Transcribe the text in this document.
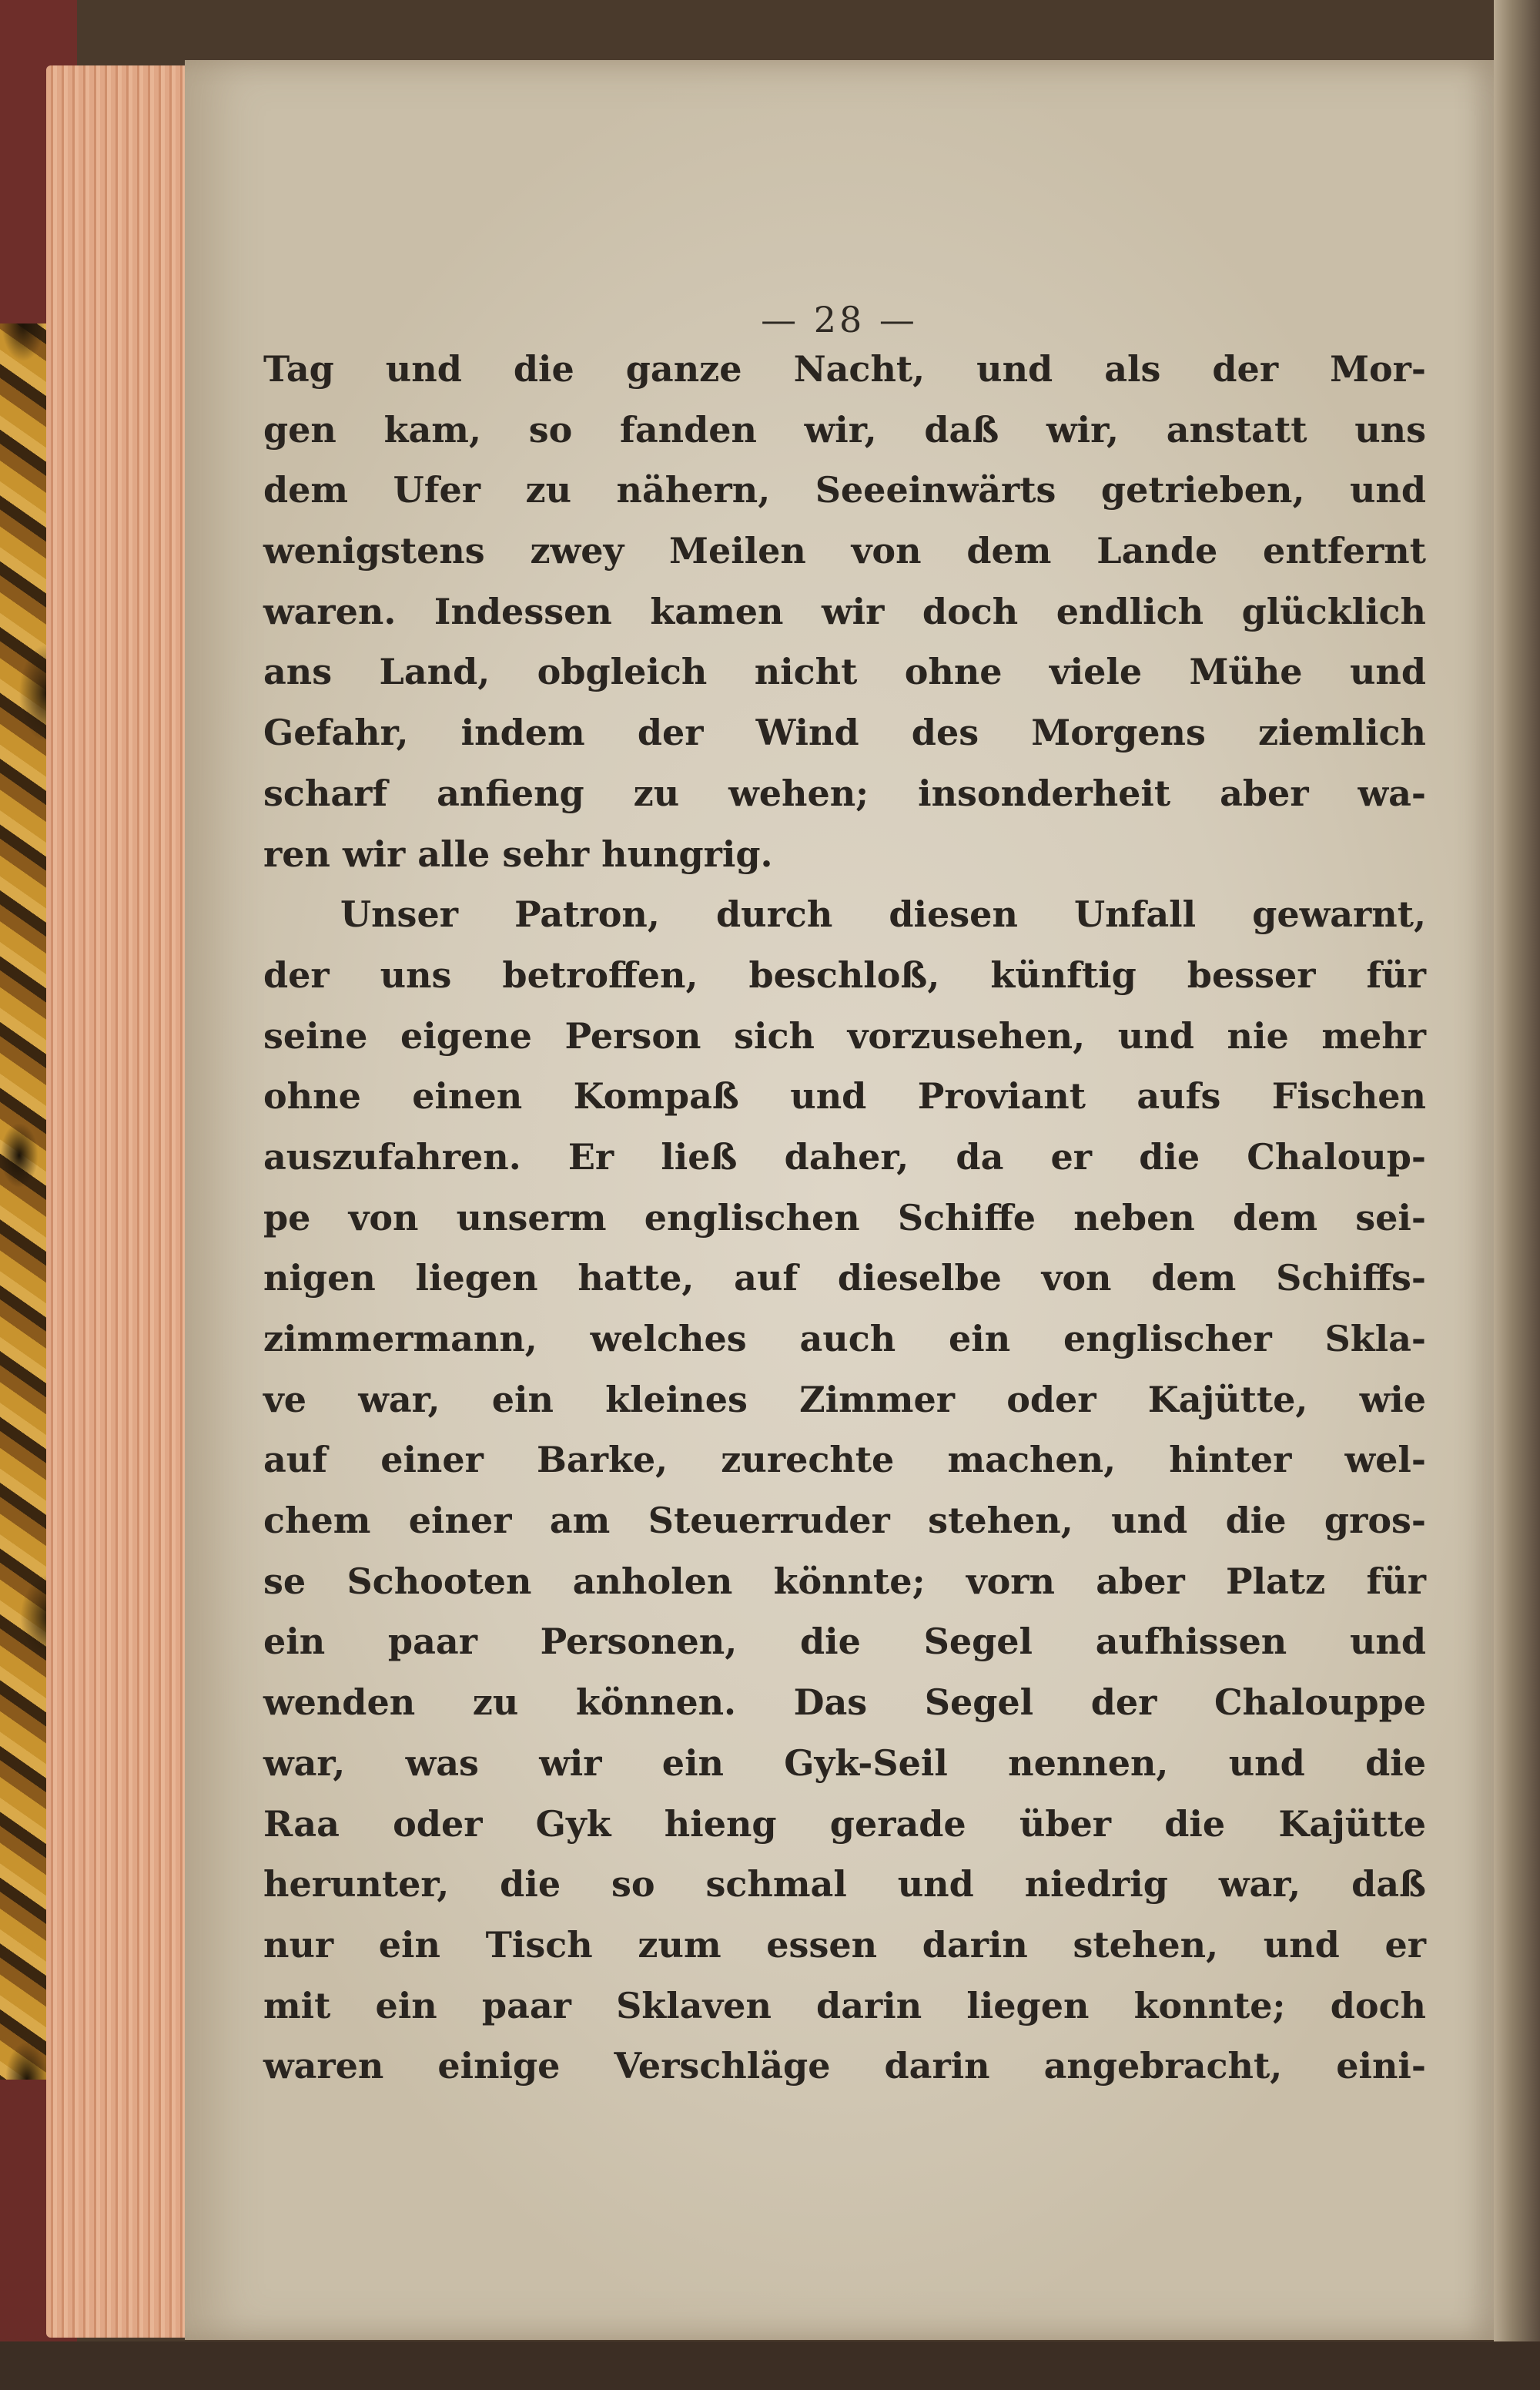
— 28 —
Tag und die ganze Nacht, und als der Mor-
gen kam, so fanden wir, daß wir, anstatt uns
dem Ufer zu nähern, Seeeinwärts getrieben, und
wenigstens zwey Meilen von dem Lande entfernt
waren. Indessen kamen wir doch endlich glücklich
ans Land, obgleich nicht ohne viele Mühe und
Gefahr, indem der Wind des Morgens ziemlich
scharf anfieng zu wehen; insonderheit aber wa-
ren wir alle sehr hungrig.
Unser Patron, durch diesen Unfall gewarnt,
der uns betroffen, beschloß, künftig besser für
seine eigene Person sich vorzusehen, und nie mehr
ohne einen Kompaß und Proviant aufs Fischen
auszufahren. Er ließ daher, da er die Chaloup-
pe von unserm englischen Schiffe neben dem sei-
nigen liegen hatte, auf dieselbe von dem Schiffs-
zimmermann, welches auch ein englischer Skla-
ve war, ein kleines Zimmer oder Kajütte, wie
auf einer Barke, zurechte machen, hinter wel-
chem einer am Steuerruder stehen, und die gros-
se Schooten anholen könnte; vorn aber Platz für
ein paar Personen, die Segel aufhissen und
wenden zu können. Das Segel der Chalouppe
war, was wir ein Gyk-Seil nennen, und die
Raa oder Gyk hieng gerade über die Kajütte
herunter, die so schmal und niedrig war, daß
nur ein Tisch zum essen darin stehen, und er
mit ein paar Sklaven darin liegen konnte; doch
waren einige Verschläge darin angebracht, eini-
